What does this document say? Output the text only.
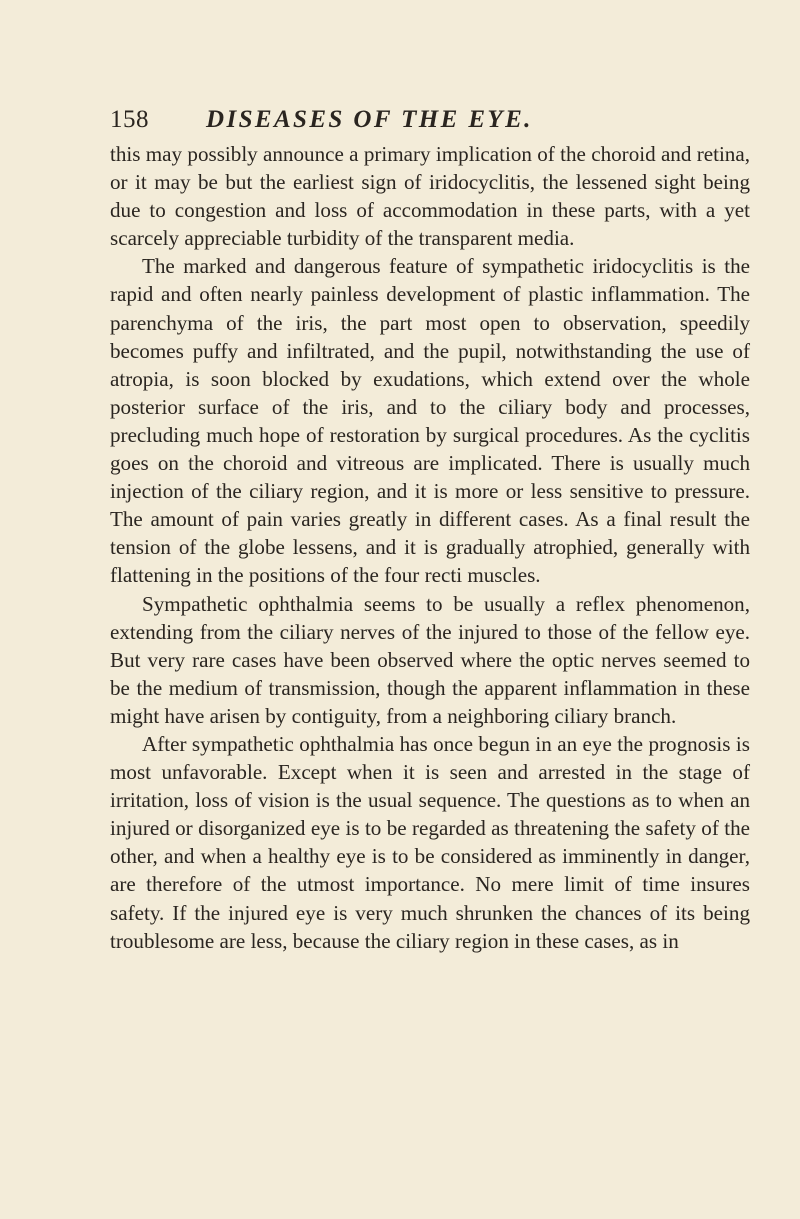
158 DISEASES OF THE EYE.

this may possibly announce a primary implication of the choroid and retina, or it may be but the earliest sign of iridocyclitis, the lessened sight being due to congestion and loss of accommodation in these parts, with a yet scarcely appreciable turbidity of the transparent media.

The marked and dangerous feature of sympathetic iridocyclitis is the rapid and often nearly painless development of plastic inflammation. The parenchyma of the iris, the part most open to observation, speedily becomes puffy and infiltrated, and the pupil, notwithstanding the use of atropia, is soon blocked by exudations, which extend over the whole posterior surface of the iris, and to the ciliary body and processes, precluding much hope of restoration by surgical procedures. As the cyclitis goes on the choroid and vitreous are implicated. There is usually much injection of the ciliary region, and it is more or less sensitive to pressure. The amount of pain varies greatly in different cases. As a final result the tension of the globe lessens, and it is gradually atrophied, generally with flattening in the positions of the four recti muscles.

Sympathetic ophthalmia seems to be usually a reflex phenomenon, extending from the ciliary nerves of the injured to those of the fellow eye. But very rare cases have been observed where the optic nerves seemed to be the medium of transmission, though the apparent inflammation in these might have arisen by contiguity, from a neighboring ciliary branch.

After sympathetic ophthalmia has once begun in an eye the prognosis is most unfavorable. Except when it is seen and arrested in the stage of irritation, loss of vision is the usual sequence. The questions as to when an injured or disorganized eye is to be regarded as threatening the safety of the other, and when a healthy eye is to be considered as imminently in danger, are therefore of the utmost importance. No mere limit of time insures safety. If the injured eye is very much shrunken the chances of its being troublesome are less, because the ciliary region in these cases, as in
